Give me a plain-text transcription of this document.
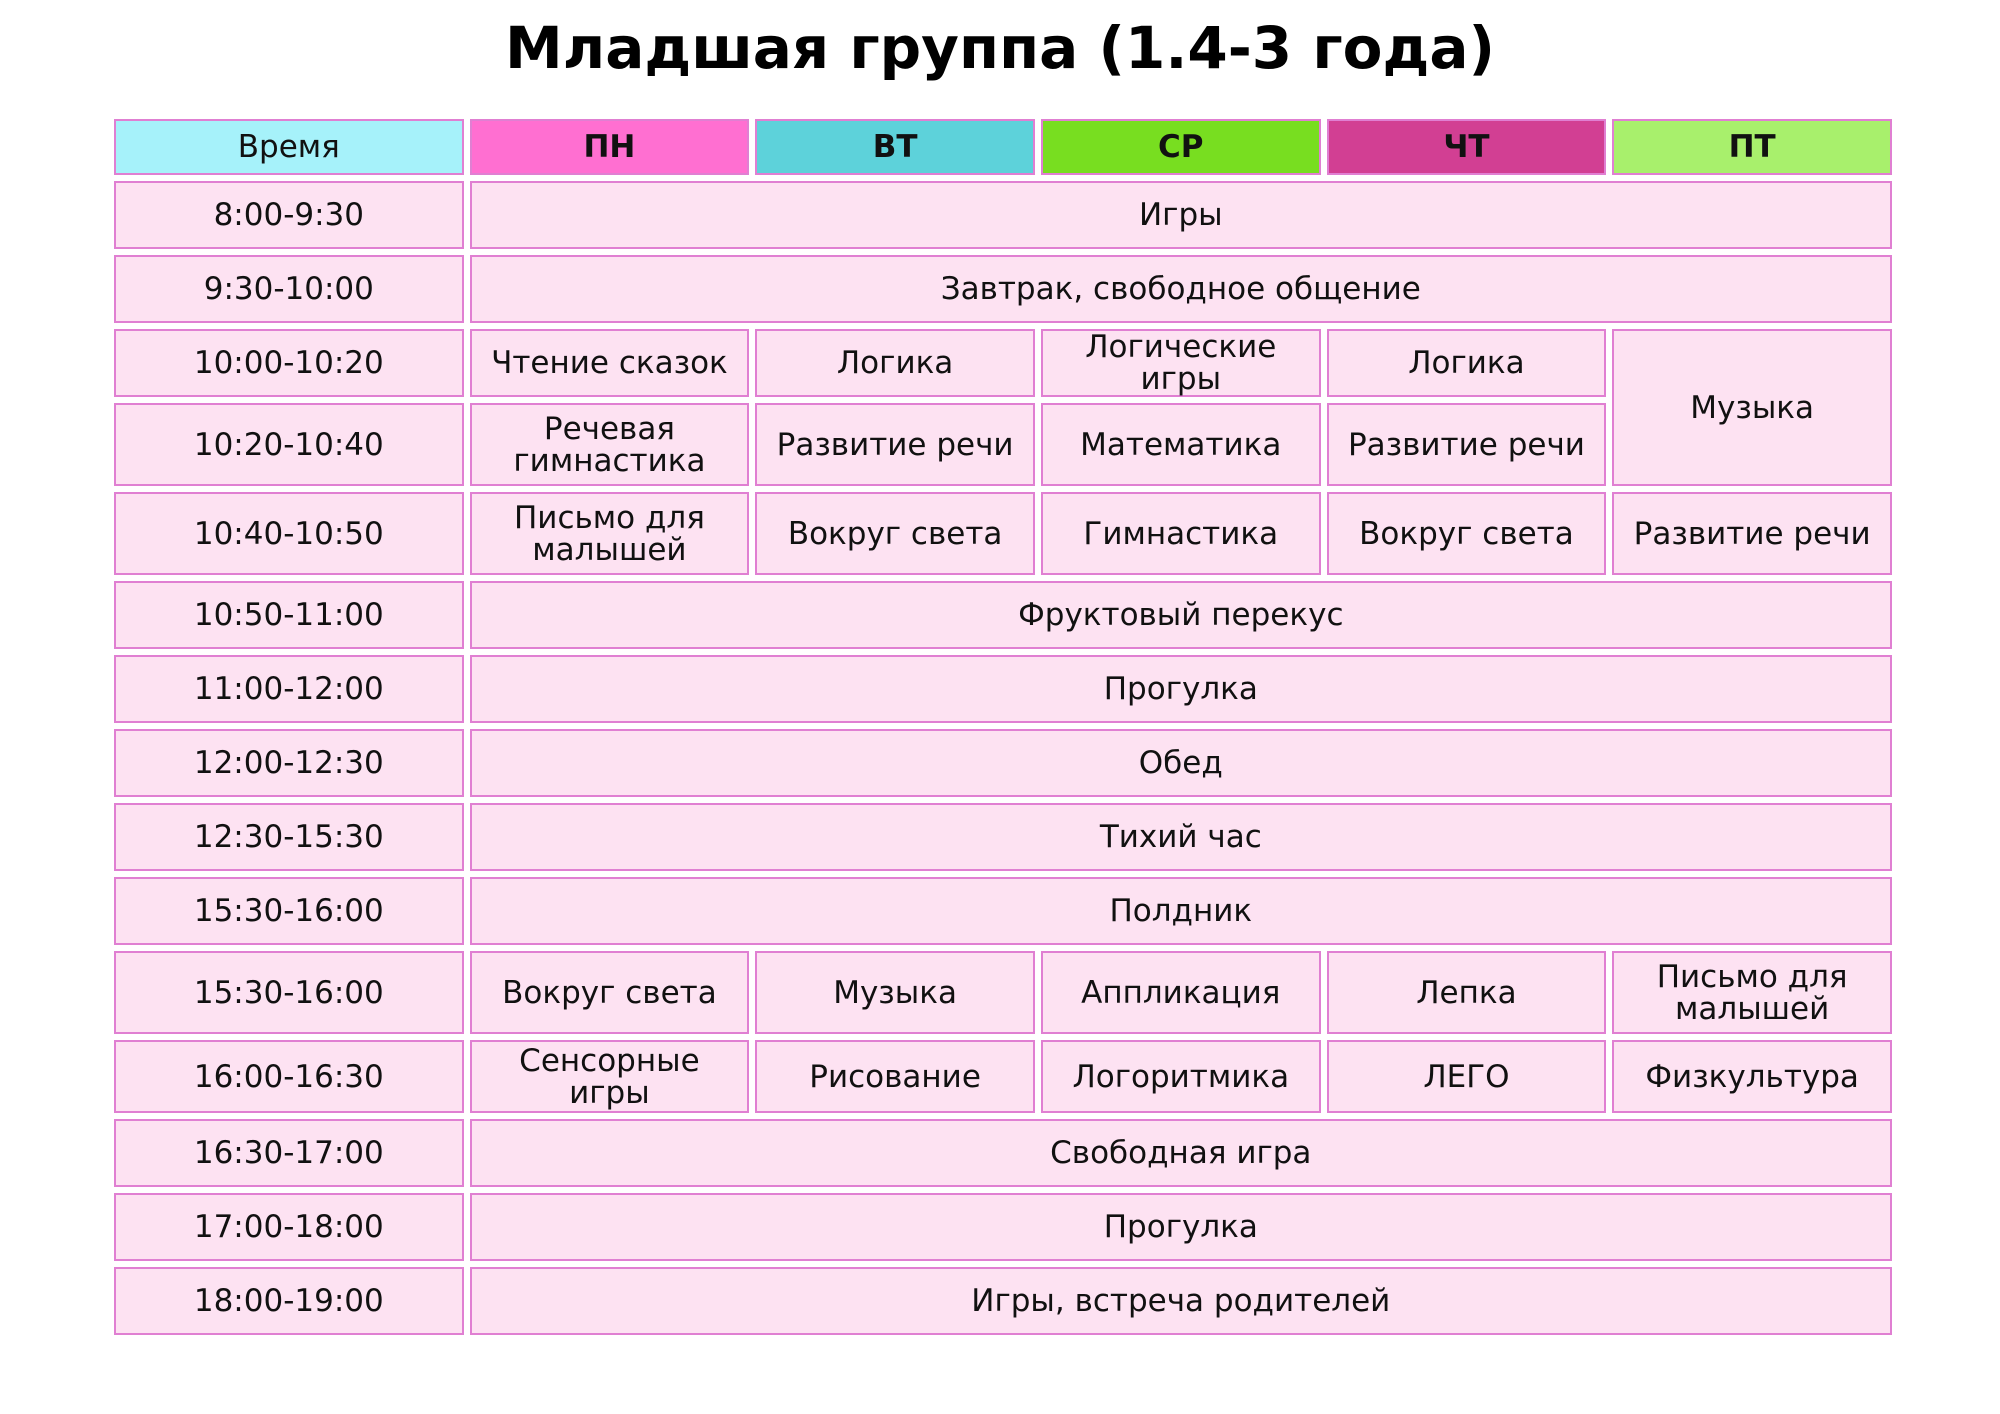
Младшая группа (1.4-3 года)
Время	ПН	ВТ	СР	ЧТ	ПТ
8:00-9:30	Игры				
9:30-10:00	Завтрак, свободное общение				
10:00-10:20	Чтение сказок	Логика	Логические игры	Логика	Музыка
10:20-10:40	Речевая гимнастика	Развитие речи	Математика	Развитие речи	
10:40-10:50	Письмо для малышей	Вокруг света	Гимнастика	Вокруг света	Развитие речи
10:50-11:00	Фруктовый перекус				
11:00-12:00	Прогулка				
12:00-12:30	Обед				
12:30-15:30	Тихий час				
15:30-16:00	Полдник				
15:30-16:00	Вокруг света	Музыка	Аппликация	Лепка	Письмо для малышей
16:00-16:30	Сенсорные игры	Рисование	Логоритмика	ЛЕГО	Физкультура
16:30-17:00	Свободная игра				
17:00-18:00	Прогулка				
18:00-19:00	Игры, встреча родителей				
